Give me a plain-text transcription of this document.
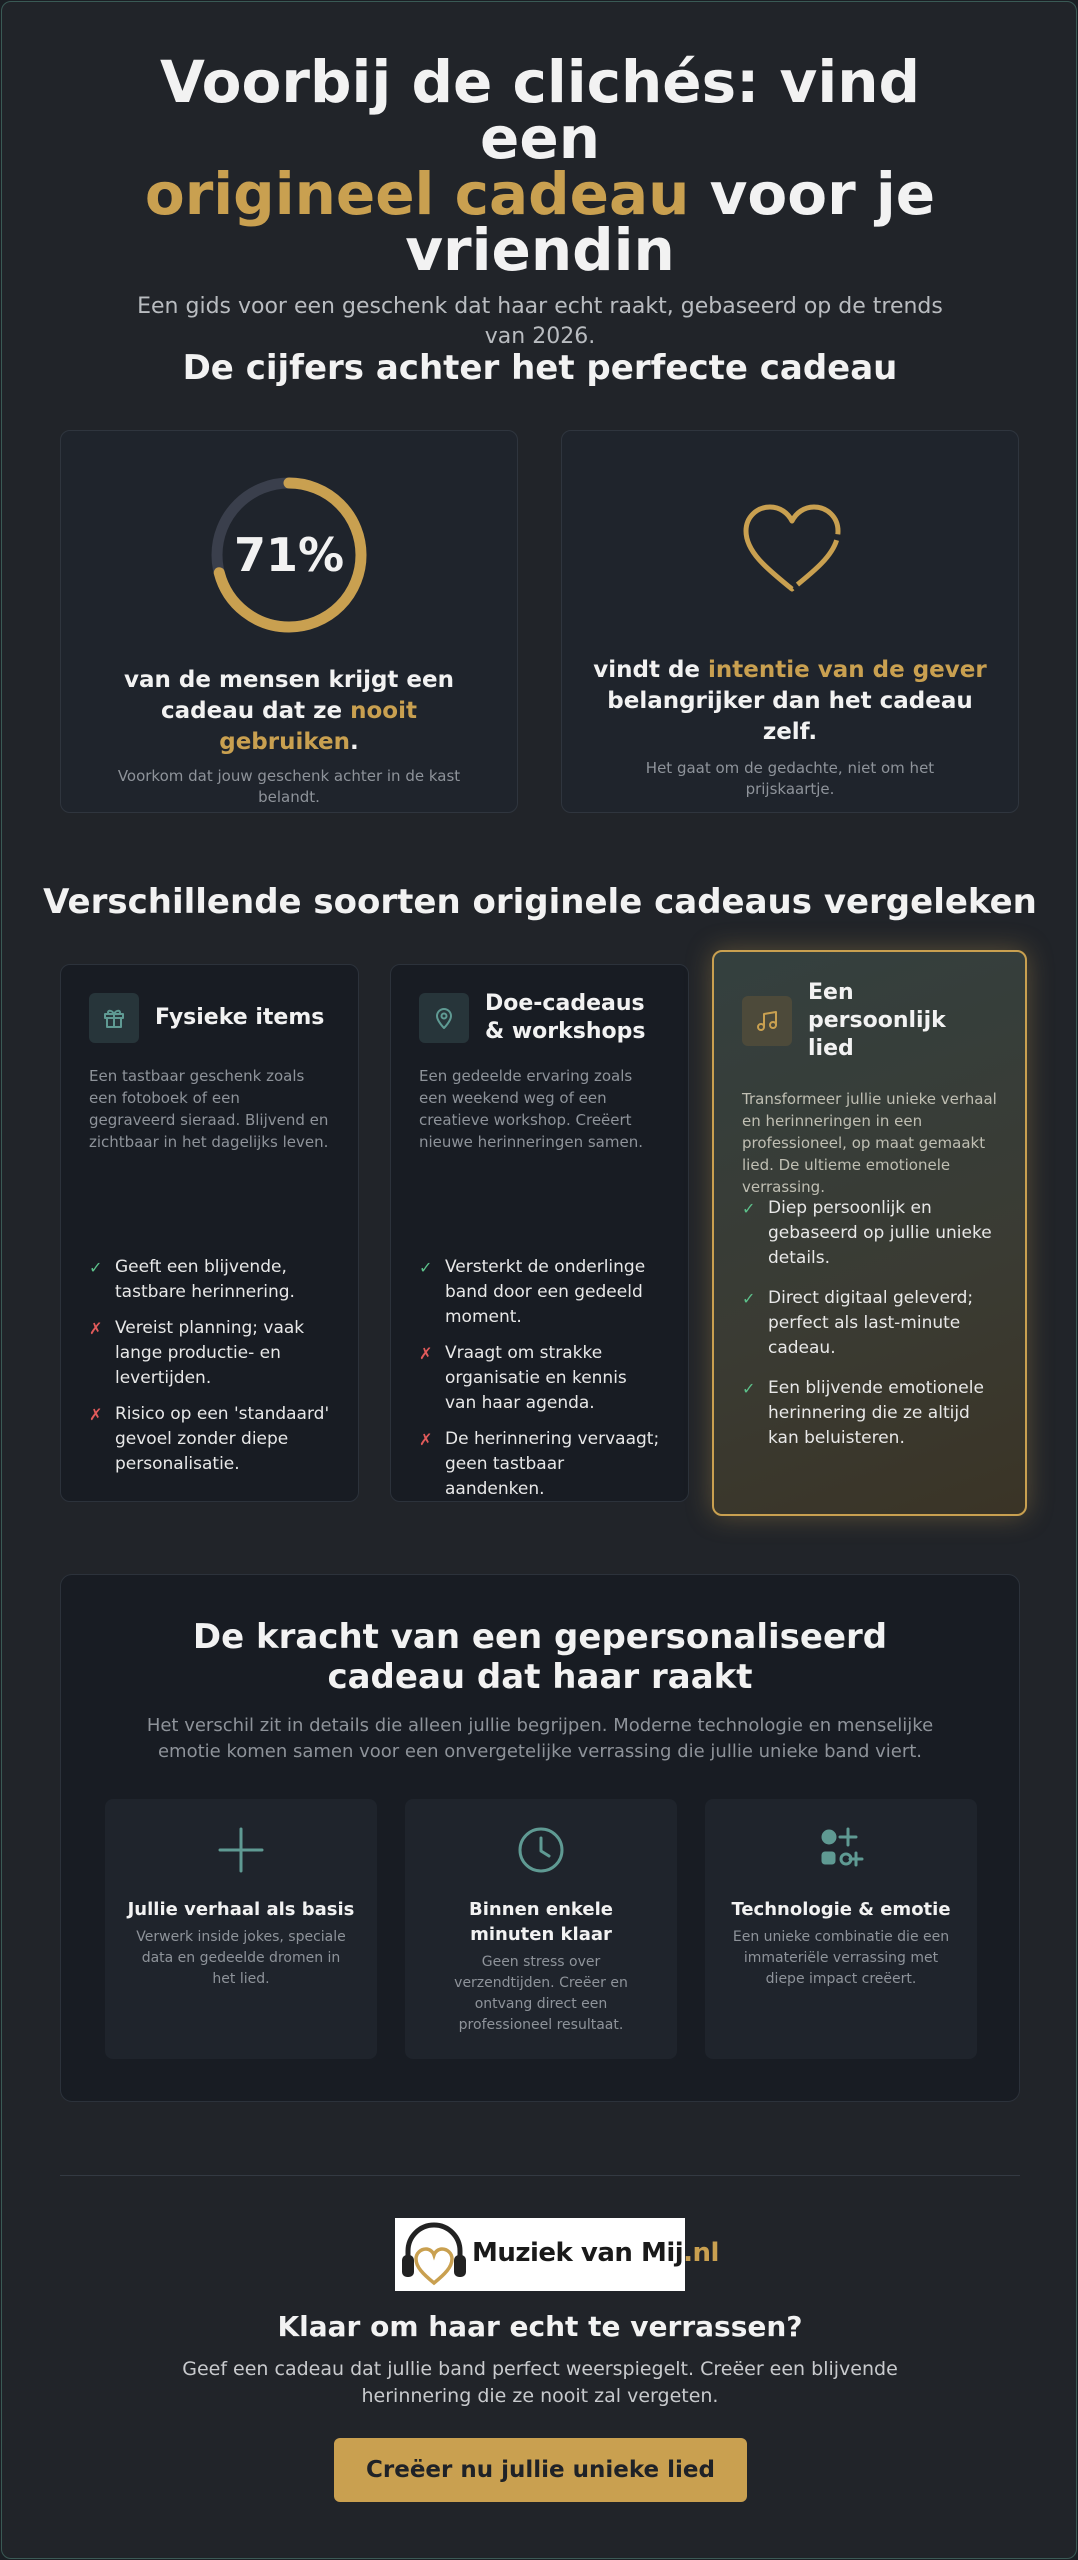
Voorbij de clichés: vind een
origineel cadeau voor je vriendin

Een gids voor een geschenk dat haar echt raakt, gebaseerd op de trends van 2026.

De cijfers achter het perfecte cadeau
71%
van de mensen krijgt een cadeau dat ze nooit gebruiken.
Voorkom dat jouw geschenk achter in de kast belandt.
vindt de intentie van de gever belangrijker dan het cadeau zelf.
Het gaat om de gedachte, niet om het prijskaartje.
Verschillende soorten originele cadeaus vergeleken
Fysieke items
Een tastbaar geschenk zoals een fotoboek of een gegraveerd sieraad. Blijvend en zichtbaar in het dagelijks leven.
✓ Geeft een blijvende, tastbare herinnering.
✗ Vereist planning; vaak lange productie- en levertijden.
✗ Risico op een 'standaard' gevoel zonder diepe personalisatie.
Doe-cadeaus & workshops
Een gedeelde ervaring zoals een weekend weg of een creatieve workshop. Creëert nieuwe herinneringen samen.
✓ Versterkt de onderlinge band door een gedeeld moment.
✗ Vraagt om strakke organisatie en kennis van haar agenda.
✗ De herinnering vervaagt; geen tastbaar aandenken.
Een persoonlijk lied
Transformeer jullie unieke verhaal en herinneringen in een professioneel, op maat gemaakt lied. De ultieme emotionele verrassing.
✓ Diep persoonlijk en gebaseerd op jullie unieke details.
✓ Direct digitaal geleverd; perfect als last-minute cadeau.
✓ Een blijvende emotionele herinnering die ze altijd kan beluisteren.
De kracht van een gepersonaliseerd cadeau dat haar raakt

Het verschil zit in details die alleen jullie begrijpen. Moderne technologie en menselijke emotie komen samen voor een onvergetelijke verrassing die jullie unieke band viert.

Jullie verhaal als basis
Verwerk inside jokes, speciale data en gedeelde dromen in het lied.
Binnen enkele minuten klaar
Geen stress over verzendtijden. Creëer en ontvang direct een professioneel resultaat.
Technologie & emotie
Een unieke combinatie die een immateriële verrassing met diepe impact creëert.
Muziek van Mij.nl
Klaar om haar echt te verrassen?
Geef een cadeau dat jullie band perfect weerspiegelt. Creëer een blijvende herinnering die ze nooit zal vergeten.
Creëer nu jullie unieke lied
